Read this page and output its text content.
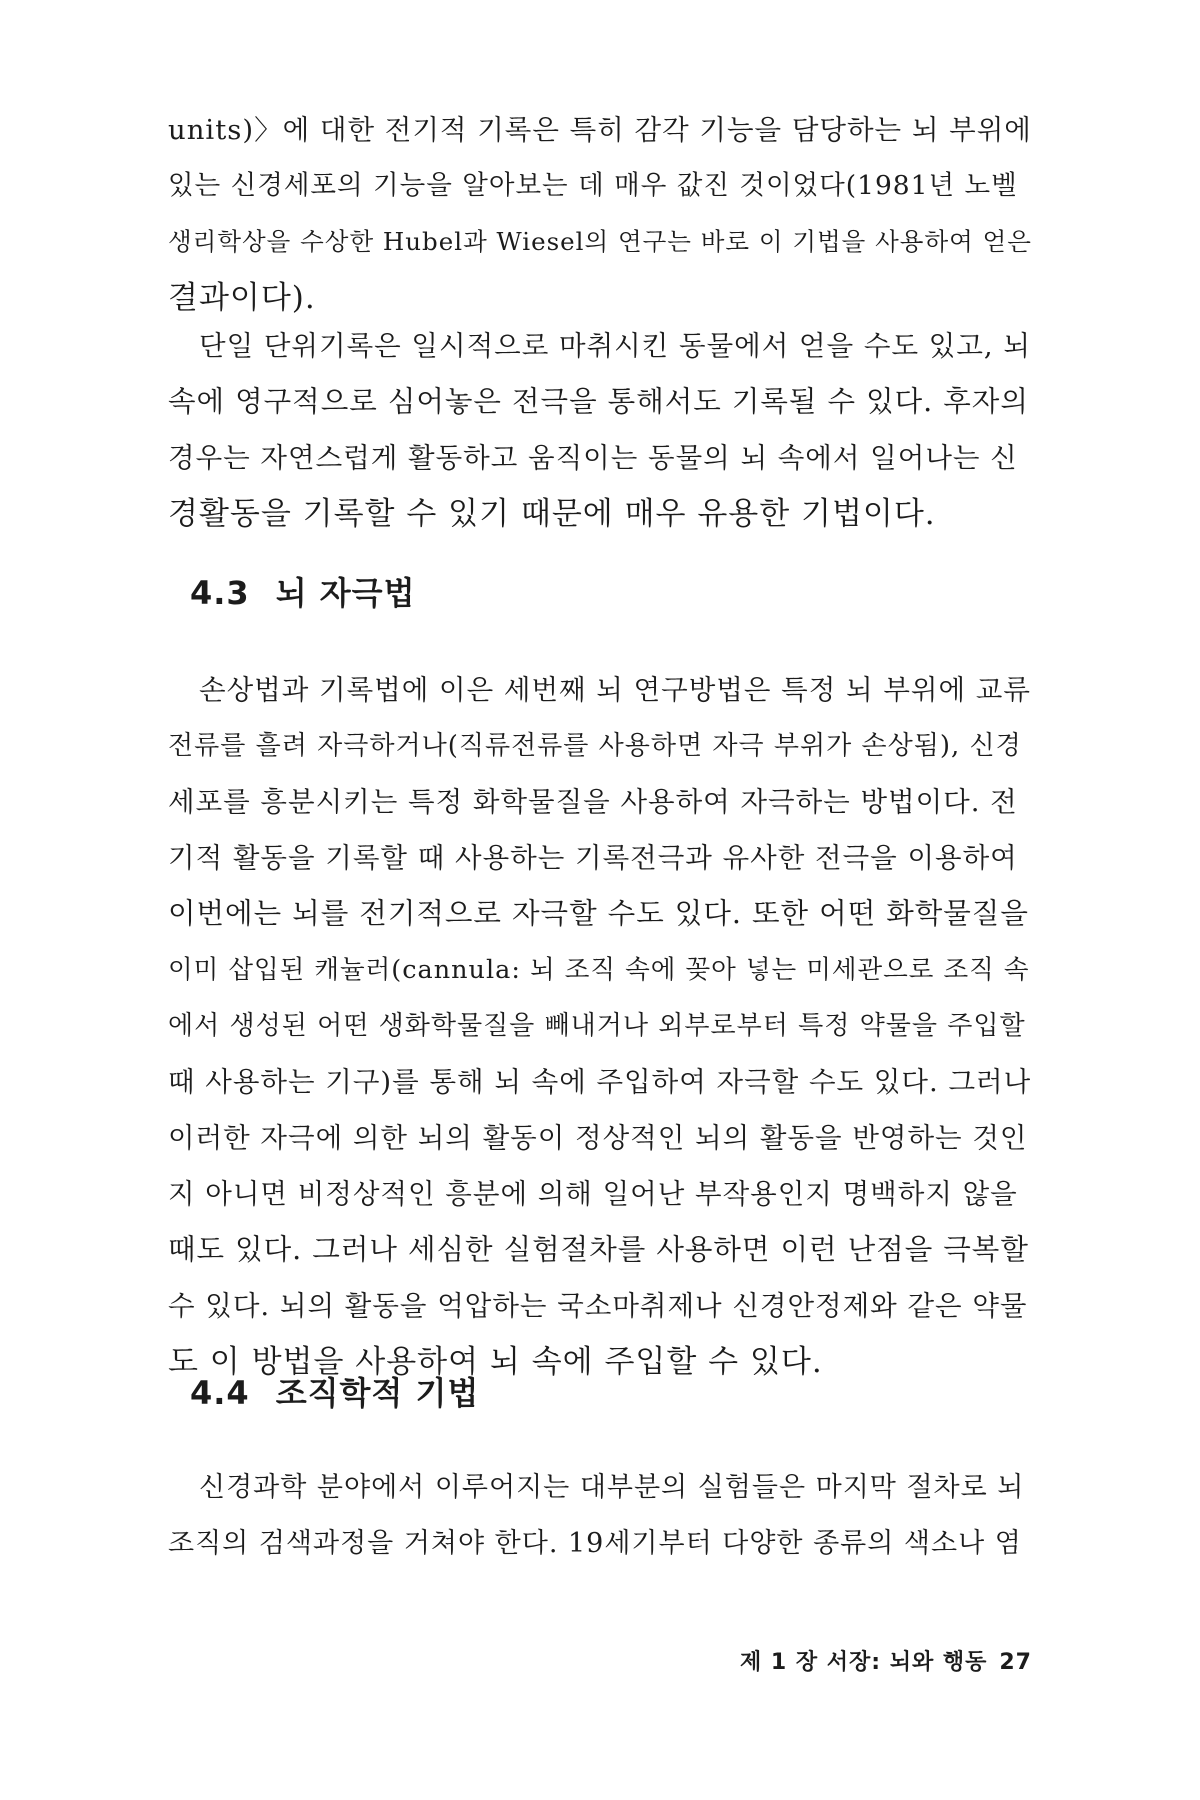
units)〉에 대한 전기적 기록은 특히 감각 기능을 담당하는 뇌 부위에
있는 신경세포의 기능을 알아보는 데 매우 값진 것이었다(1981년 노벨
생리학상을 수상한 Hubel과 Wiesel의 연구는 바로 이 기법을 사용하여 얻은
결과이다).
단일 단위기록은 일시적으로 마취시킨 동물에서 얻을 수도 있고, 뇌
속에 영구적으로 심어놓은 전극을 통해서도 기록될 수 있다. 후자의
경우는 자연스럽게 활동하고 움직이는 동물의 뇌 속에서 일어나는 신
경활동을 기록할 수 있기 때문에 매우 유용한 기법이다.
4.3 뇌 자극법
손상법과 기록법에 이은 세번째 뇌 연구방법은 특정 뇌 부위에 교류
전류를 흘려 자극하거나(직류전류를 사용하면 자극 부위가 손상됨), 신경
세포를 흥분시키는 특정 화학물질을 사용하여 자극하는 방법이다. 전
기적 활동을 기록할 때 사용하는 기록전극과 유사한 전극을 이용하여
이번에는 뇌를 전기적으로 자극할 수도 있다. 또한 어떤 화학물질을
이미 삽입된 캐뉼러(cannula: 뇌 조직 속에 꽂아 넣는 미세관으로 조직 속
에서 생성된 어떤 생화학물질을 빼내거나 외부로부터 특정 약물을 주입할
때 사용하는 기구)를 통해 뇌 속에 주입하여 자극할 수도 있다. 그러나
이러한 자극에 의한 뇌의 활동이 정상적인 뇌의 활동을 반영하는 것인
지 아니면 비정상적인 흥분에 의해 일어난 부작용인지 명백하지 않을
때도 있다. 그러나 세심한 실험절차를 사용하면 이런 난점을 극복할
수 있다. 뇌의 활동을 억압하는 국소마취제나 신경안정제와 같은 약물
도 이 방법을 사용하여 뇌 속에 주입할 수 있다.
4.4 조직학적 기법
신경과학 분야에서 이루어지는 대부분의 실험들은 마지막 절차로 뇌
조직의 검색과정을 거쳐야 한다. 19세기부터 다양한 종류의 색소나 염
제 1 장 서장: 뇌와 행동 27
